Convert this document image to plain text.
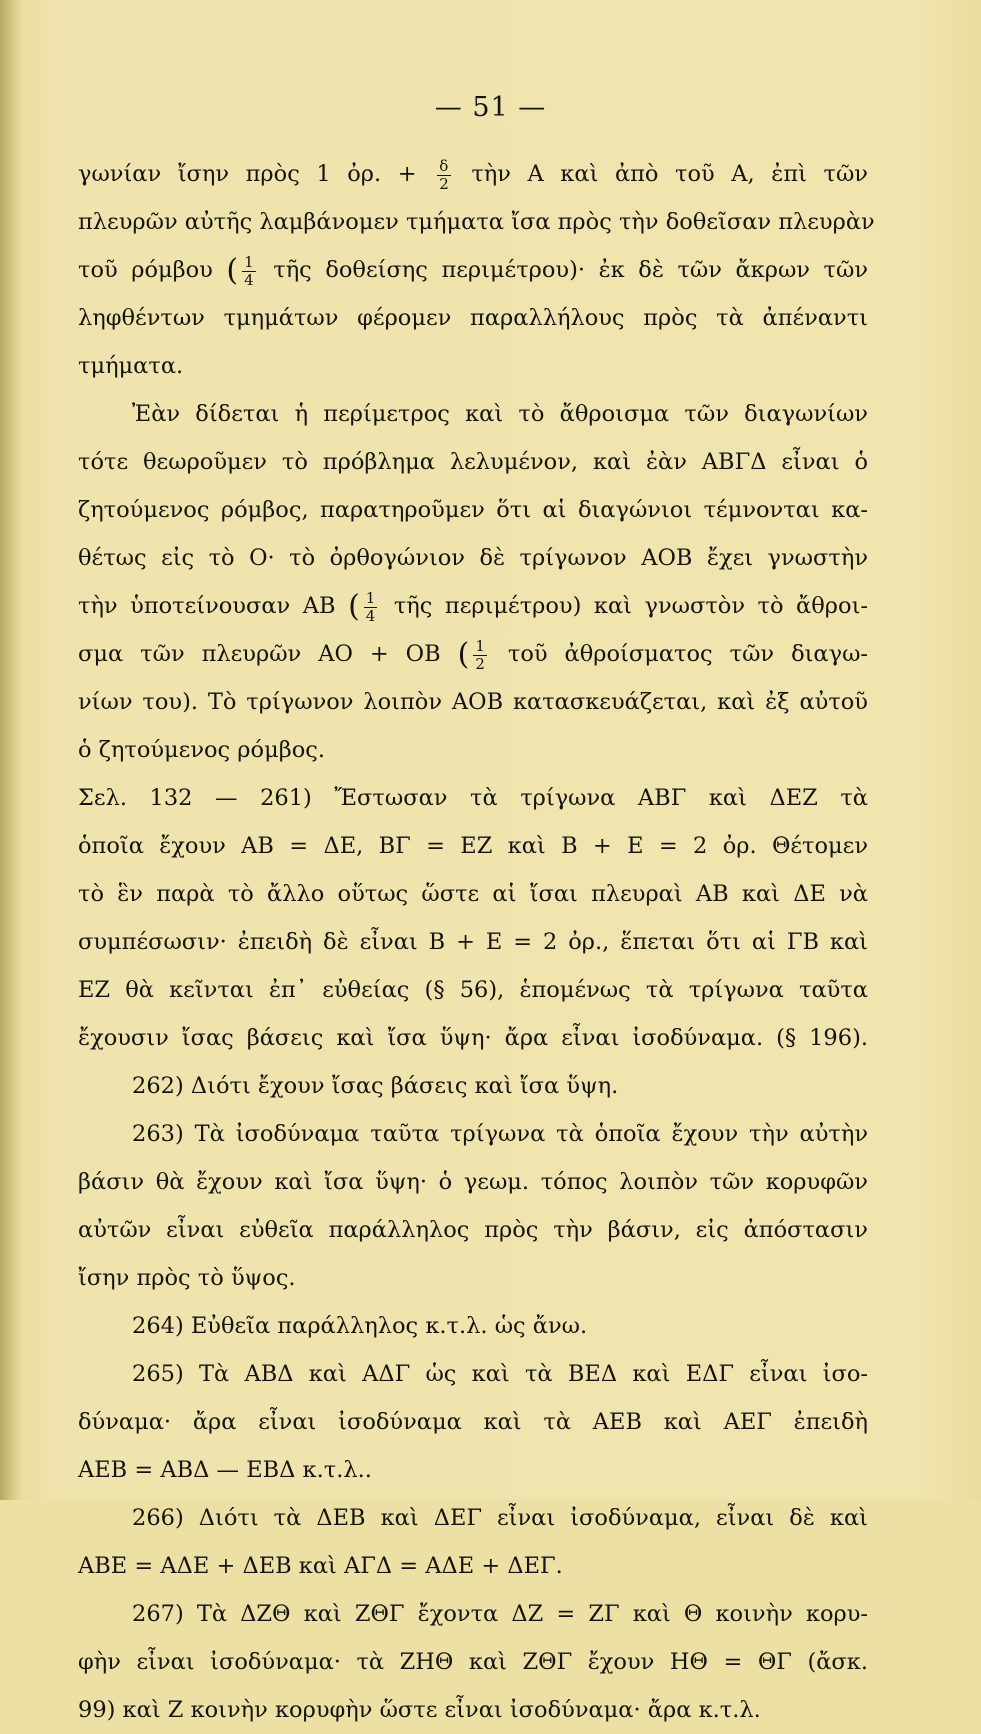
— 51 —
γωνίαν ἴσην πρὸς 1 ὀρ. + $\frac{\delta}{2}$ τὴν Α καὶ ἀπὸ τοῦ Α, ἐπὶ τῶν
πλευρῶν αὐτῆς λαμβάνομεν τμήματα ἴσα πρὸς τὴν δοθεῖσαν πλευρὰν
τοῦ ρόμβου ( $\frac{1}{4}$ τῆς δοθείσης περιμέτρου)· ἐκ δὲ τῶν ἄκρων τῶν
ληφθέντων τμημάτων φέρομεν παραλλήλους πρὸς τὰ ἀπέναντι
τμήματα.
Ἐὰν δίδεται ἡ περίμετρος καὶ τὸ ἄθροισμα τῶν διαγωνίων
τότε θεωροῦμεν τὸ πρόβλημα λελυμένον, καὶ ἐὰν ΑΒΓΔ εἶναι ὁ
ζητούμενος ρόμβος, παρατηροῦμεν ὅτι αἱ διαγώνιοι τέμνονται κα-
θέτως εἰς τὸ Ο· τὸ ὀρθογώνιον δὲ τρίγωνον ΑΟΒ ἔχει γνωστὴν
τὴν ὑποτείνουσαν ΑΒ ( $\frac{1}{4}$ τῆς περιμέτρου) καὶ γνωστὸν τὸ ἄθροι-
σμα τῶν πλευρῶν ΑΟ + ΟΒ ( $\frac{1}{2}$ τοῦ ἀθροίσματος τῶν διαγω-
νίων του). Τὸ τρίγωνον λοιπὸν ΑΟΒ κατασκευάζεται, καὶ ἐξ αὐτοῦ
ὁ ζητούμενος ρόμβος.
Σελ. 132 — 261) Ἔστωσαν τὰ τρίγωνα ΑΒΓ καὶ ΔΕΖ τὰ
ὁποῖα ἔχουν ΑΒ = ΔΕ, ΒΓ = ΕΖ καὶ Β + Ε = 2 ὀρ. Θέτομεν
τὸ ἓν παρὰ τὸ ἄλλο οὕτως ὥστε αἱ ἴσαι πλευραὶ ΑΒ καὶ ΔΕ νὰ
συμπέσωσιν· ἐπειδὴ δὲ εἶναι Β + Ε = 2 ὀρ., ἕπεται ὅτι αἱ ΓΒ καὶ
ΕΖ θὰ κεῖνται ἐπ᾽ εὐθείας (§ 56), ἑπομένως τὰ τρίγωνα ταῦτα
ἔχουσιν ἴσας βάσεις καὶ ἴσα ὕψη· ἄρα εἶναι ἰσοδύναμα. (§ 196).
262) Διότι ἔχουν ἴσας βάσεις καὶ ἴσα ὕψη.
263) Τὰ ἰσοδύναμα ταῦτα τρίγωνα τὰ ὁποῖα ἔχουν τὴν αὐτὴν
βάσιν θὰ ἔχουν καὶ ἴσα ὕψη· ὁ γεωμ. τόπος λοιπὸν τῶν κορυφῶν
αὐτῶν εἶναι εὐθεῖα παράλληλος πρὸς τὴν βάσιν, εἰς ἀπόστασιν
ἴσην πρὸς τὸ ὕψος.
264) Εὐθεῖα παράλληλος κ.τ.λ. ὡς ἄνω.
265) Τὰ ΑΒΔ καὶ ΑΔΓ ὡς καὶ τὰ ΒΕΔ καὶ ΕΔΓ εἶναι ἰσο-
δύναμα· ἄρα εἶναι ἰσοδύναμα καὶ τὰ ΑΕΒ καὶ ΑΕΓ ἐπειδὴ
ΑΕΒ = ΑΒΔ — ΕΒΔ κ.τ.λ..
266) Διότι τὰ ΔΕΒ καὶ ΔΕΓ εἶναι ἰσοδύναμα, εἶναι δὲ καὶ
ΑΒΕ = ΑΔΕ + ΔΕΒ καὶ ΑΓΔ = ΑΔΕ + ΔΕΓ.
267) Τὰ ΔΖΘ καὶ ΖΘΓ ἔχοντα ΔΖ = ΖΓ καὶ Θ κοινὴν κορυ-
φὴν εἶναι ἰσοδύναμα· τὰ ΖΗΘ καὶ ΖΘΓ ἔχουν ΗΘ = ΘΓ (ἄσκ.
99) καὶ Ζ κοινὴν κορυφὴν ὥστε εἶναι ἰσοδύναμα· ἄρα κ.τ.λ.
